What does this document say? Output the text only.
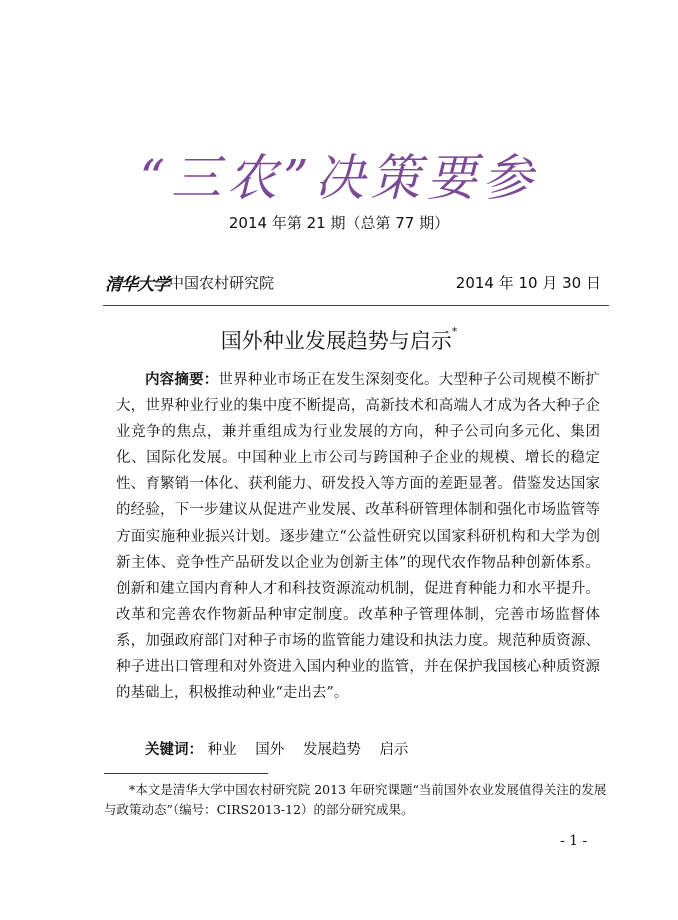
“三农”决策要参
2014 年第 21 期（总第 77 期）
清华大学 中国农村研究院	2014 年 10 月 30 日
国外种业发展趋势与启示*

内容摘要：世界种业市场正在发生深刻变化。大型种子公司规模不断扩大，世界种业行业的集中度不断提高，高新技术和高端人才成为各大种子企业竞争的焦点，兼并重组成为行业发展的方向，种子公司向多元化、集团化、国际化发展。中国种业上市公司与跨国种子企业的规模、增长的稳定性、育繁销一体化、获利能力、研发投入等方面的差距显著。借鉴发达国家的经验，下一步建议从促进产业发展、改革科研管理体制和强化市场监管等方面实施种业振兴计划。逐步建立“公益性研究以国家科研机构和大学为创新主体、竞争性产品研发以企业为创新主体”的现代农作物品种创新体系。创新和建立国内育种人才和科技资源流动机制，促进育种能力和水平提升。改革和完善农作物新品种审定制度。改革种子管理体制，完善市场监督体系，加强政府部门对种子市场的监管能力建设和执法力度。规范种质资源、种子进出口管理和对外资进入国内种业的监管，并在保护我国核心种质资源的基础上，积极推动种业“走出去”。

关键词： 种业 国外 发展趋势 启示

*本文是清华大学中国农村研究院 2013 年研究课题“当前国外农业发展值得关注的发展与政策动态”（编号：CIRS2013-12）的部分研究成果。

- 1 -
